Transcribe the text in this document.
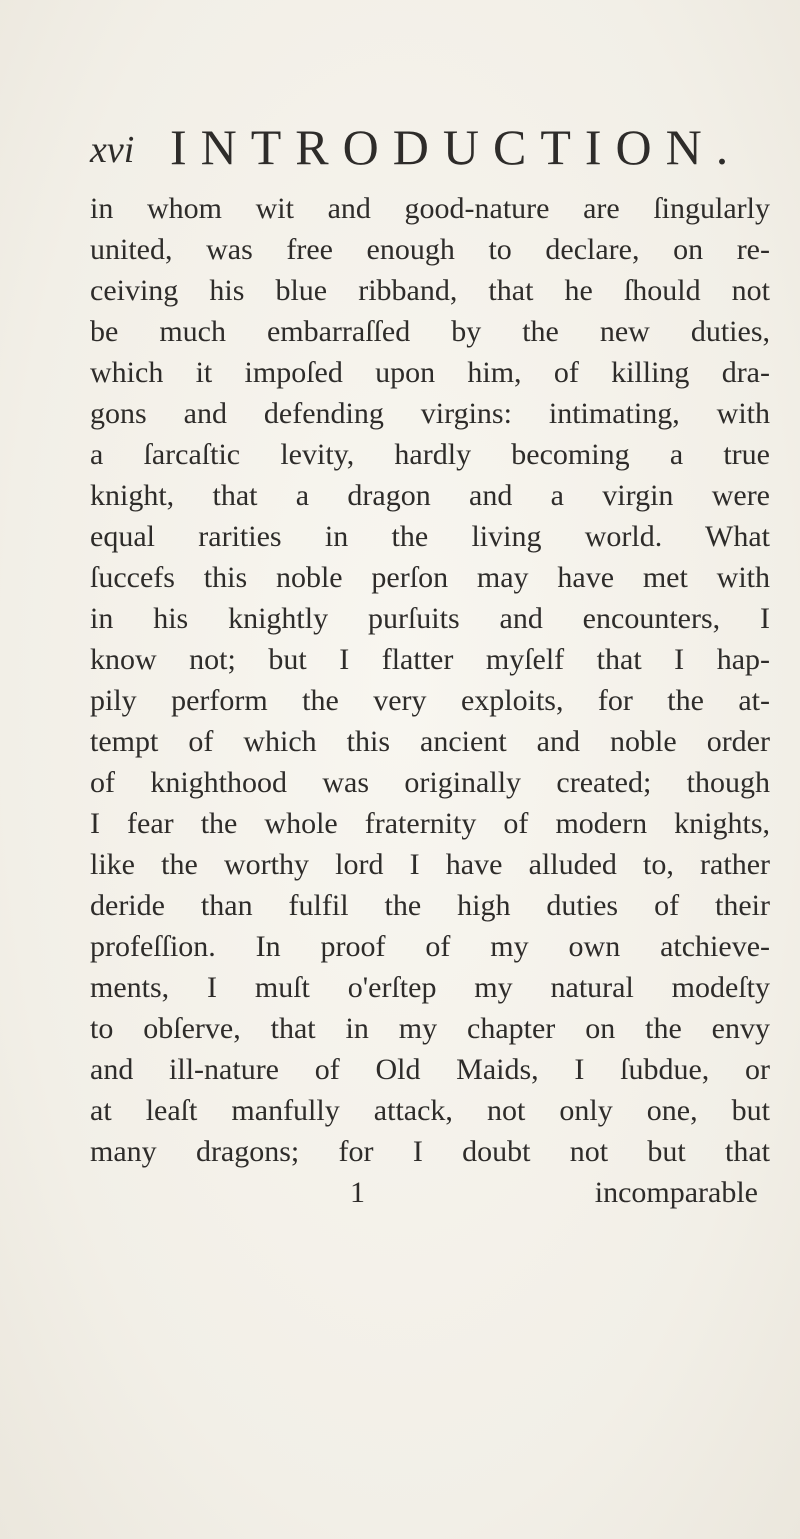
xvi INTRODUCTION.
in whom wit and good-nature are ſingularly
united, was free enough to declare, on re-
ceiving his blue ribband, that he ſhould not
be much embarraſſed by the new duties,
which it impoſed upon him, of killing dra-
gons and defending virgins: intimating, with
a ſarcaſtic levity, hardly becoming a true
knight, that a dragon and a virgin were
equal rarities in the living world. What
ſuccefs this noble perſon may have met with
in his knightly purſuits and encounters, I
know not; but I flatter myſelf that I hap-
pily perform the very exploits, for the at-
tempt of which this ancient and noble order
of knighthood was originally created; though
I fear the whole fraternity of modern knights,
like the worthy lord I have alluded to, rather
deride than fulfil the high duties of their
profeſſion. In proof of my own atchieve-
ments, I muſt o'erſtep my natural modeſty
to obſerve, that in my chapter on the envy
and ill-nature of Old Maids, I ſubdue, or
at leaſt manfully attack, not only one, but
many dragons; for I doubt not but that
1	incomparable
